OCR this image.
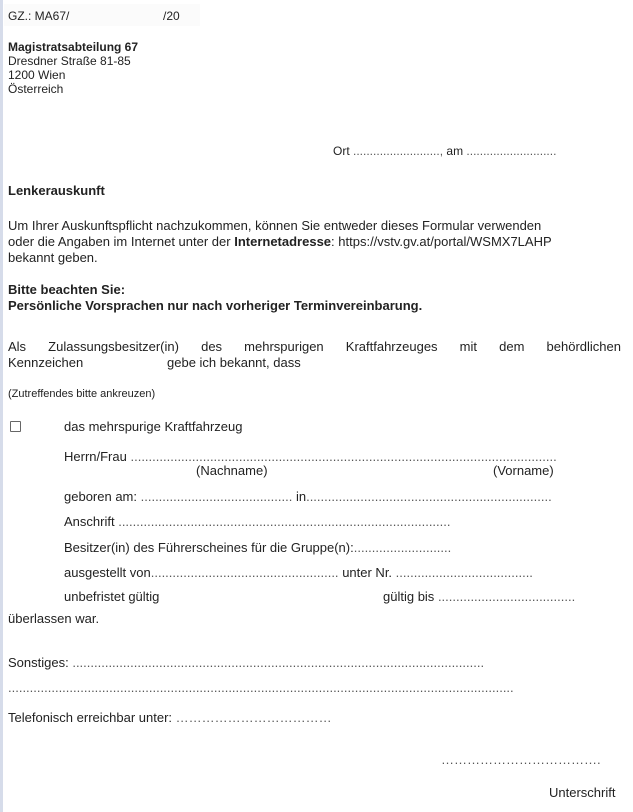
GZ.: MA67/	/20
Magistratsabteilung 67
Dresdner Straße 81-85
1200 Wien
Österreich
Ort .........................., am ...........................
Lenkerauskunft
Um Ihrer Auskunftspflicht nachzukommen, können Sie entweder dieses Formular verwenden
oder die Angaben im Internet unter der Internetadresse: https://vstv.gv.at/portal/WSMX7LAHP
bekannt geben.
Bitte beachten Sie:
Persönliche Vorsprachen nur nach vorheriger Terminvereinbarung.
Als Zulassungsbesitzer(in) des mehrspurigen Kraftfahrzeuges mit dem behördlichen
Kennzeichen	gebe ich bekannt, dass
(Zutreffendes bitte ankreuzen)
das mehrspurige Kraftfahrzeug
Herrn/Frau ......................................................................................................................
(Nachname)	(Vorname)
geboren am: .......................................... in....................................................................
Anschrift ............................................................................................
Besitzer(in) des Führerscheines für die Gruppe(n):...........................
ausgestellt von.................................................... unter Nr. ......................................
unbefristet gültig	gültig bis ......................................
überlassen war.
Sonstiges: ..................................................................................................................
............................................................................................................................................
Telefonisch erreichbar unter: ………………………………
……………………………….
Unterschrift
